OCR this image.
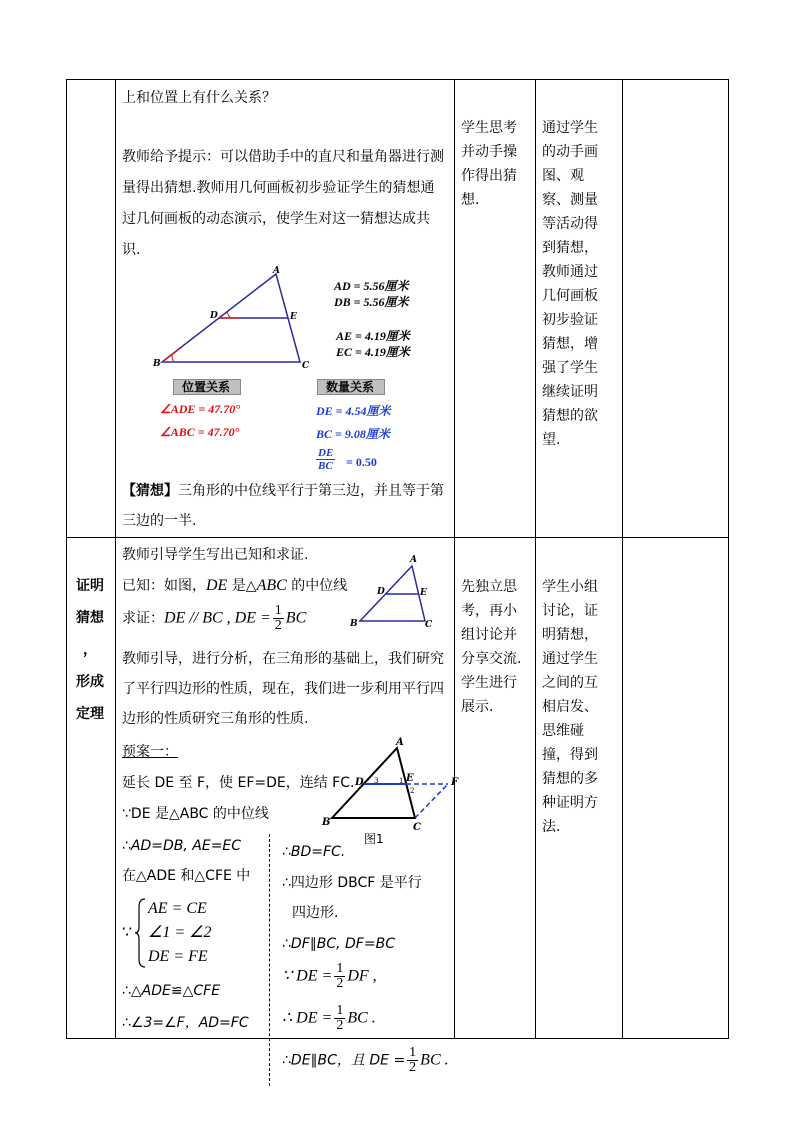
上和位置上有什么关系？
教师给予提示：可以借助手中的直尺和量角器进行测
量得出猜想.教师用几何画板初步验证学生的猜想通
过几何画板的动态演示，使学生对这一猜想达成共
识.
A
D	E
B	C
AD = 5.56厘米
DB = 5.56厘米
AE = 4.19厘米
EC = 4.19厘米
位置关系	数量关系
∠ADE = 47.70°
∠ABC = 47.70°
DE = 4.54厘米
BC = 9.08厘米
$\frac{DE}{BC} = 0.50$
【猜想】三角形的中位线平行于第三边，并且等于第
三边的一半.
学生思考并动手操作得出猜想.
通过学生的动手画图、观察、测量等活动得到猜想，教师通过几何画板初步验证猜想，增强了学生继续证明猜想的欲望.
证明
猜想
，
形成
定理
教师引导学生写出已知和求证.
已知：如图，DE 是△ABC 的中位线
求证：DE // BC , DE = $\frac{1}{2}$ BC
A
D	E
B	C
教师引导，进行分析，在三角形的基础上，我们研究
了平行四边形的性质，现在，我们进一步利用平行四
边形的性质研究三角形的性质.
预案一：
延长 DE 至 F，使 EF=DE，连结 FC.
A
D	E	F
1
2
3
B	C
图1
∵DE 是△ABC 的中位线
∴AD=DB, AE=EC
在△ADE 和△CFE 中
∵
AE = CE
∠1 = ∠2
DE = FE
∴△ADE≌△CFE
∴∠3=∠F，AD=FC
∴BD=FC.
∴四边形 DBCF 是平行
四边形.
∴DF∥BC, DF=BC
∵ DE = $\frac{1}{2}$ DF ,
∴ DE = $\frac{1}{2}$ BC .
∴DE∥BC，且 DE = $\frac{1}{2}$ BC .
先独立思考，再小组讨论并分享交流.学生进行展示.
学生小组讨论，证明猜想，通过学生之间的互相启发、思维碰撞，得到猜想的多种证明方法.
